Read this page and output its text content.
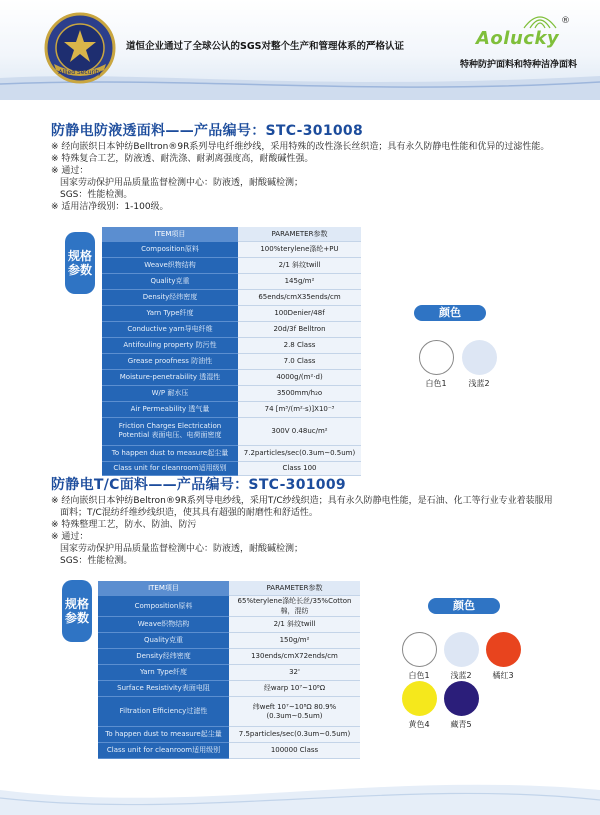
Allied Security
道恒企业通过了全球公认的SGS对整个生产和管理体系的严格认证	Aolucky
®
特种防护面料和特种洁净面料
防静电防液透面料——产品编号：STC-301008
※ 经向嵌织日本钟纺Belltron®9R系列导电纤维纱线，采用特殊的改性涤长丝织造；具有永久防静电性能和优异的过滤性能。
※ 特殊复合工艺，防液透、耐洗涤、耐剥离强度高，耐酸碱性强。
※ 通过：
国家劳动保护用品质量监督检测中心：防液透，耐酸碱检测；
SGS：性能检测。
※ 适用洁净级别：1-100级。
规格
参数
ITEM项目	PARAMETER参数
Composition原料	100%terylene涤纶+PU
Weave织物结构	2/1 斜纹twill
Quality克重	145g/m²
Density经纬密度	65ends/cmX35ends/cm
Yarn Type纤度	100Denier/48f
Conductive yarn导电纤维	20d/3f Belltron
Antifouling property 防污性	2.8 Class
Grease proofness 防油性	7.0 Class
Moisture-penetrability 透湿性	4000g/(m²·d)
W/P 耐水压	3500mm/h₂o
Air Permeability 透气量	74 [m³/(m²·s)]X10⁻³
Friction Charges Electrication Potential 表面电压、电荷面密度	300V 0.48uc/m²
To happen dust to measure起尘量	7.2particles/sec(0.3um~0.5um)
Class unit for cleanroom适用级别	Class 100
颜色
白色1	浅蓝2
防静电T/C面料——产品编号：STC-301009
※ 经向嵌织日本钟纺Beltron®9R系列导电纱线，采用T/C纱线织造；具有永久防静电性能，是石油、化工等行业专业着装服用
面料；T/C混纺纤维纱线织造，使其具有超强的耐磨性和舒适性。
※ 特殊整理工艺，防水、防油、防污
※ 通过：
国家劳动保护用品质量监督检测中心：防液透，耐酸碱检测；
SGS：性能检测。
规格
参数
ITEM项目	PARAMETER参数
Composition原料	65%terylene涤纶长丝/35%Cotton棉，混纺
Weave织物结构	2/1 斜纹twill
Quality克重	150g/m²
Density经纬密度	130ends/cmX72ends/cm
Yarn Type纤度	32'
Surface Resistivity表面电阻	经warp 10⁷~10⁸Ω
Filtration Efficiency过滤性	纬weft 10⁷~10⁸Ω 80.9%(0.3um~0.5um)
To happen dust to measure起尘量	7.5particles/sec(0.3um~0.5um)
Class unit for cleanroom适用级别	100000 Class
颜色
白色1	浅蓝2	橘红3
黄色4	藏青5
